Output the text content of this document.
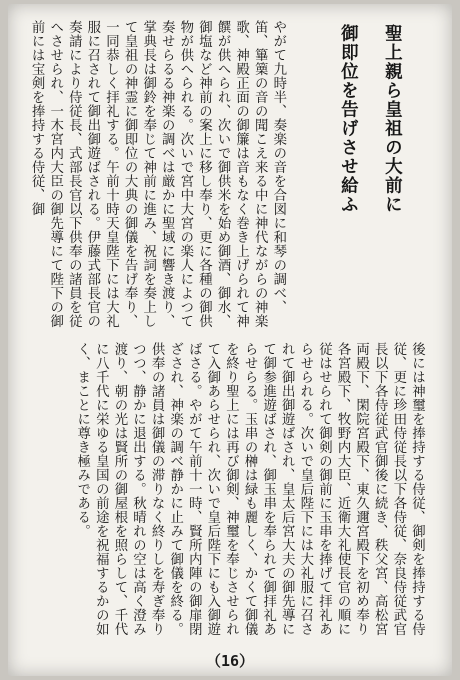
聖上親ら皇祖の大前に

御即位を告げさせ給ふ

やがて九時半、奏楽の音を合図に和琴の調べ、笛、篳篥の音の聞こえ来る中に神代ながらの神楽歌、神殿正面の御簾は音もなく巻き上げられて神饌が供へられ、次いで御供米を始め御酒、御水、御塩など神前の案上に移し奉り、更に各種の御供物が供へられる。次いで宮中大宮の楽人によつて奏せらるる神楽の調べは厳かに聖域に響き渡り、掌典長は御鈴を奉じて神前に進み、祝詞を奏上して皇祖の神霊に御即位の大典の御儀を告げ奉り、一同恭しく拝礼する。午前十時天皇陛下には大礼服に召されて御出御遊ばされる。伊藤式部長官の奏請により侍従長、式部長官以下供奉の諸員を従へさせられ、一木宮内大臣の御先導にて陛下の御前には宝剣を捧持する侍従、御

後には神璽を捧持する侍従、御剣を捧持する侍従、更に珍田侍従長以下各侍従、奈良侍従武官長以下各侍従武官御後に続き、秩父宮、高松宮両殿下、閑院宮殿下、東久邇宮殿下を初め奉り各宮殿下、牧野内大臣、近衛大礼使長官の順に従はせられて御剣の御前に玉串を捧げて拝礼あらせられる。次いで皇后陛下には大礼服に召されて御出御遊ばされ、皇太后宮大夫の御先導にて御参進遊ばされ、御玉串を奉られて御拝礼あらせらる。玉串の榊は緑も麗しく、かくて御儀を終り聖上には再び御剣、神璽を奉じさせられて入御あらせられ、次いで皇后陛下にも入御遊ばさる。やがて午前十一時、賢所内陣の御扉閉ざされ、神楽の調べ静かに止みて御儀を終る。供奉の諸員は御儀の滞りなく終りしを寿ぎ奉りつつ、静かに退出する。秋晴れの空は高く澄み渡り、朝の光は賢所の御屋根を照らして、千代に八千代に栄ゆる皇国の前途を祝福するかの如く、まことに尊き極みである。

（16）
